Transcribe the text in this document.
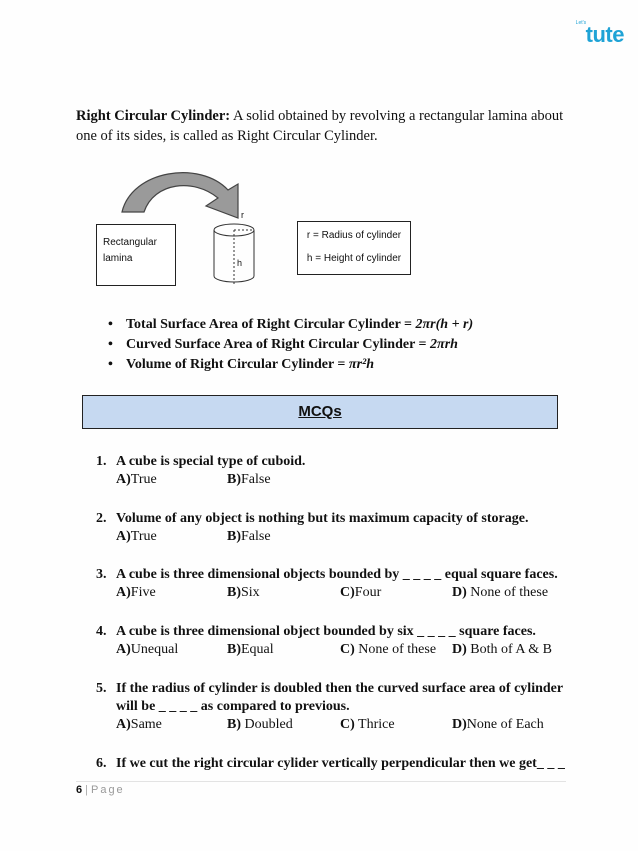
Let's tute
Right Circular Cylinder: A solid obtained by revolving a rectangular lamina about
one of its sides, is called as Right Circular Cylinder.
Rectangular
lamina
r
h
r = Radius of cylinder
h = Height of cylinder
• Total Surface Area of Right Circular Cylinder = 2πr(h + r)
• Curved Surface Area of Right Circular Cylinder = 2πrh
• Volume of Right Circular Cylinder = πr²h
MCQs
1. A cube is special type of cuboid.
A)True	B)False
2. Volume of any object is nothing but its maximum capacity of storage.
A)True	B)False
3. A cube is three dimensional objects bounded by _ _ _ _ equal square faces.
A)Five	B)Six	C)Four	D) None of these
4. A cube is three dimensional object bounded by six _ _ _ _ square faces.
A)Unequal	B)Equal	C) None of these D) Both of A & B
5. If the radius of cylinder is doubled then the curved surface area of cylinder
will be _ _ _ _ as compared to previous.
A)Same	B) Doubled	C) Thrice	D)None of Each
6. If we cut the right circular cylider vertically perpendicular then we get_ _ _
6 | Page
